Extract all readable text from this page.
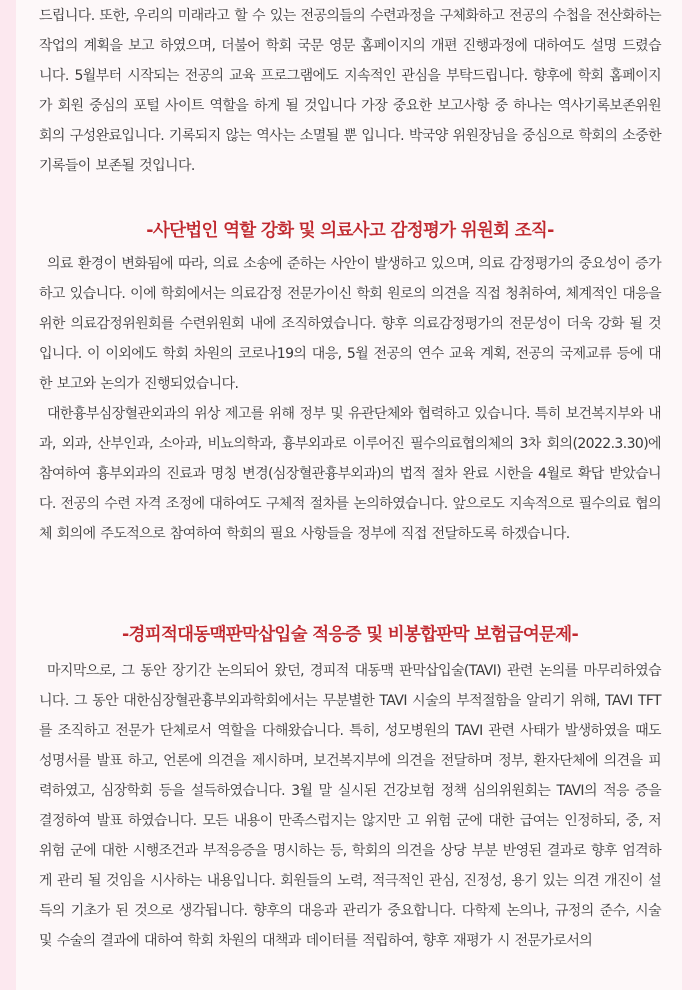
드립니다. 또한, 우리의 미래라고 할 수 있는 전공의들의 수련과정을 구체화하고 전공의 수첩을 전산화하는 작업의 계획을 보고 하였으며, 더불어 학회 국문 영문 홈페이지의 개편 진행과정에 대하여도 설명 드렸습니다. 5월부터 시작되는 전공의 교육 프로그램에도 지속적인 관심을 부탁드립니다. 향후에 학회 홈페이지가 회원 중심의 포털 사이트 역할을 하게 될 것입니다 가장 중요한 보고사항 중 하나는 역사기록보존위원회의 구성완료입니다. 기록되지 않는 역사는 소멸될 뿐 입니다. 박국양 위원장님을 중심으로 학회의 소중한 기록들이 보존될 것입니다.

-사단법인 역할 강화 및 의료사고 감정평가 위원회 조직-

의료 환경이 변화됨에 따라, 의료 소송에 준하는 사안이 발생하고 있으며, 의료 감정평가의 중요성이 증가하고 있습니다. 이에 학회에서는 의료감정 전문가이신 학회 원로의 의견을 직접 청취하여, 체계적인 대응을 위한 의료감정위원회를 수련위원회 내에 조직하였습니다. 향후 의료감정평가의 전문성이 더욱 강화 될 것입니다. 이 이외에도 학회 차원의 코로나19의 대응, 5월 전공의 연수 교육 계획, 전공의 국제교류 등에 대한 보고와 논의가 진행되었습니다.

대한흉부심장혈관외과의 위상 제고를 위해 정부 및 유관단체와 협력하고 있습니다. 특히 보건복지부와 내과, 외과, 산부인과, 소아과, 비뇨의학과, 흉부외과로 이루어진 필수의료협의체의 3차 회의(2022.3.30)에 참여하여 흉부외과의 진료과 명칭 변경(심장혈관흉부외과)의 법적 절차 완료 시한을 4월로 확답 받았습니다. 전공의 수련 자격 조정에 대하여도 구체적 절차를 논의하였습니다. 앞으로도 지속적으로 필수의료 협의체 회의에 주도적으로 참여하여 학회의 필요 사항들을 정부에 직접 전달하도록 하겠습니다.

-경피적대동맥판막삽입술 적응증 및 비봉합판막 보험급여문제-

마지막으로, 그 동안 장기간 논의되어 왔던, 경피적 대동맥 판막삽입술(TAVI) 관련 논의를 마무리하였습니다. 그 동안 대한심장혈관흉부외과학회에서는 무분별한 TAVI 시술의 부적절함을 알리기 위해, TAVI TFT를 조직하고 전문가 단체로서 역할을 다해왔습니다. 특히, 성모병원의 TAVI 관련 사태가 발생하였을 때도 성명서를 발표 하고, 언론에 의견을 제시하며, 보건복지부에 의견을 전달하며 정부, 환자단체에 의견을 피력하였고, 심장학회 등을 설득하였습니다. 3월 말 실시된 건강보험 정책 심의위원회는 TAVI의 적응 증을 결정하여 발표 하였습니다. 모든 내용이 만족스럽지는 않지만 고 위험 군에 대한 급여는 인정하되, 중, 저 위험 군에 대한 시행조건과 부적응증을 명시하는 등, 학회의 의견을 상당 부분 반영된 결과로 향후 엄격하게 관리 될 것임을 시사하는 내용입니다. 회원들의 노력, 적극적인 관심, 진정성, 용기 있는 의견 개진이 설득의 기초가 된 것으로 생각됩니다. 향후의 대응과 관리가 중요합니다. 다학제 논의나, 규정의 준수, 시술 및 수술의 결과에 대하여 학회 차원의 대책과 데이터를 적립하여, 향후 재평가 시 전문가로서의
